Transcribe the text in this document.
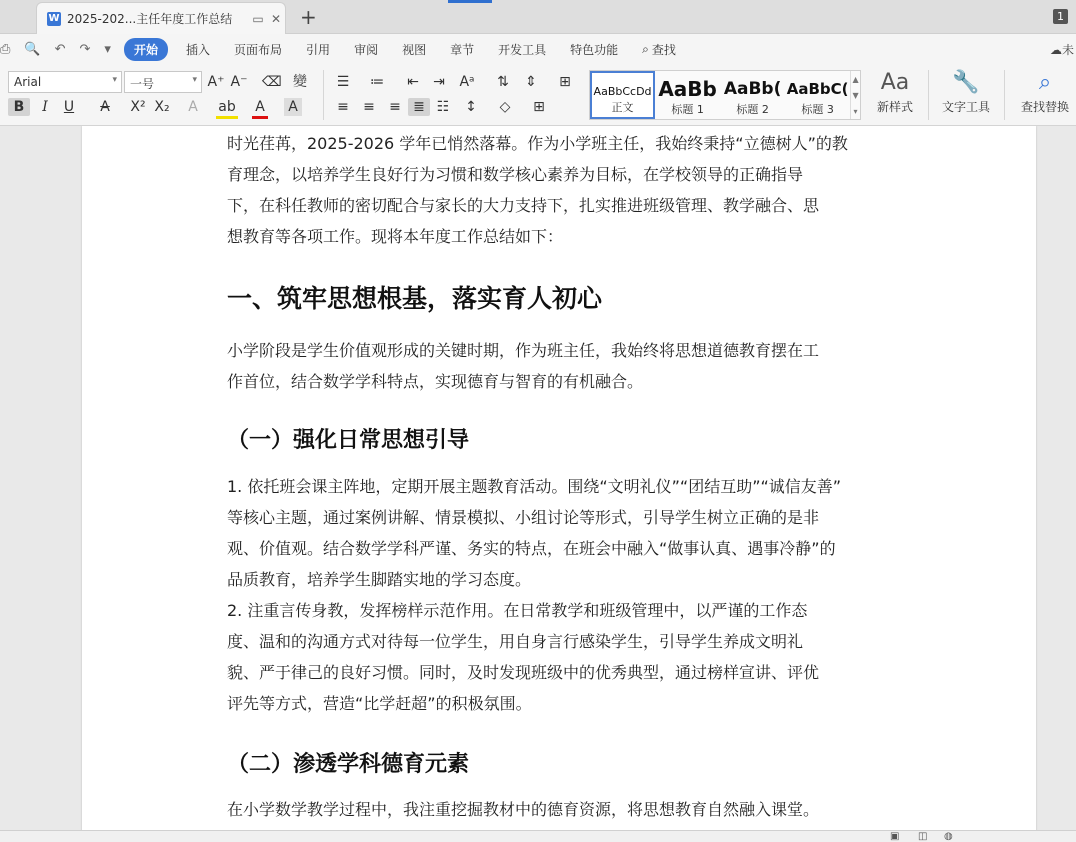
W 2025-202...主任年度工作总结	▭ ✕ +	1
⎙ 🔍 ↶ ↷ ▾	开始	插入 页面布局 引用 审阅 视图 章节 开发工具 特色功能 ⌕ 查找	☁未
Arial ▾	一号 ▾	A⁺ A⁻ ⌫ 變
B	I	U	A	X² X₂	A	ab A	A
☰ ≔ ⇤ ⇥ Aᵃ ⇅ ⇕ ⊞
≡ ≡ ≡ ≣ ☷ ↕ ◇ ⊞
AaBbCcDd
正文
AaBb
标题 1
AaBb(
标题 2
AaBbC(
标题 3
▲
▼
▾
Aa
新样式
🔧
文字工具
⌕
查找替换
时光荏苒，2025-2026 学年已悄然落幕。作为小学班主任，我始终秉持“立德树人”的教
育理念，以培养学生良好行为习惯和数学核心素养为目标，在学校领导的正确指导
下，在科任教师的密切配合与家长的大力支持下，扎实推进班级管理、教学融合、思
想教育等各项工作。现将本年度工作总结如下：
一、筑牢思想根基，落实育人初心
小学阶段是学生价值观形成的关键时期，作为班主任，我始终将思想道德教育摆在工
作首位，结合数学学科特点，实现德育与智育的有机融合。
（一）强化日常思想引导
1. 依托班会课主阵地，定期开展主题教育活动。围绕“文明礼仪”“团结互助”“诚信友善”
等核心主题，通过案例讲解、情景模拟、小组讨论等形式，引导学生树立正确的是非
观、价值观。结合数学学科严谨、务实的特点，在班会中融入“做事认真、遇事冷静”的
品质教育，培养学生脚踏实地的学习态度。
2. 注重言传身教，发挥榜样示范作用。在日常教学和班级管理中，以严谨的工作态
度、温和的沟通方式对待每一位学生，用自身言行感染学生，引导学生养成文明礼
貌、严于律己的良好习惯。同时，及时发现班级中的优秀典型，通过榜样宣讲、评优
评先等方式，营造“比学赶超”的积极氛围。
（二）渗透学科德育元素
在小学数学教学过程中，我注重挖掘教材中的德育资源，将思想教育自然融入课堂。
▣ ◫ ◍
